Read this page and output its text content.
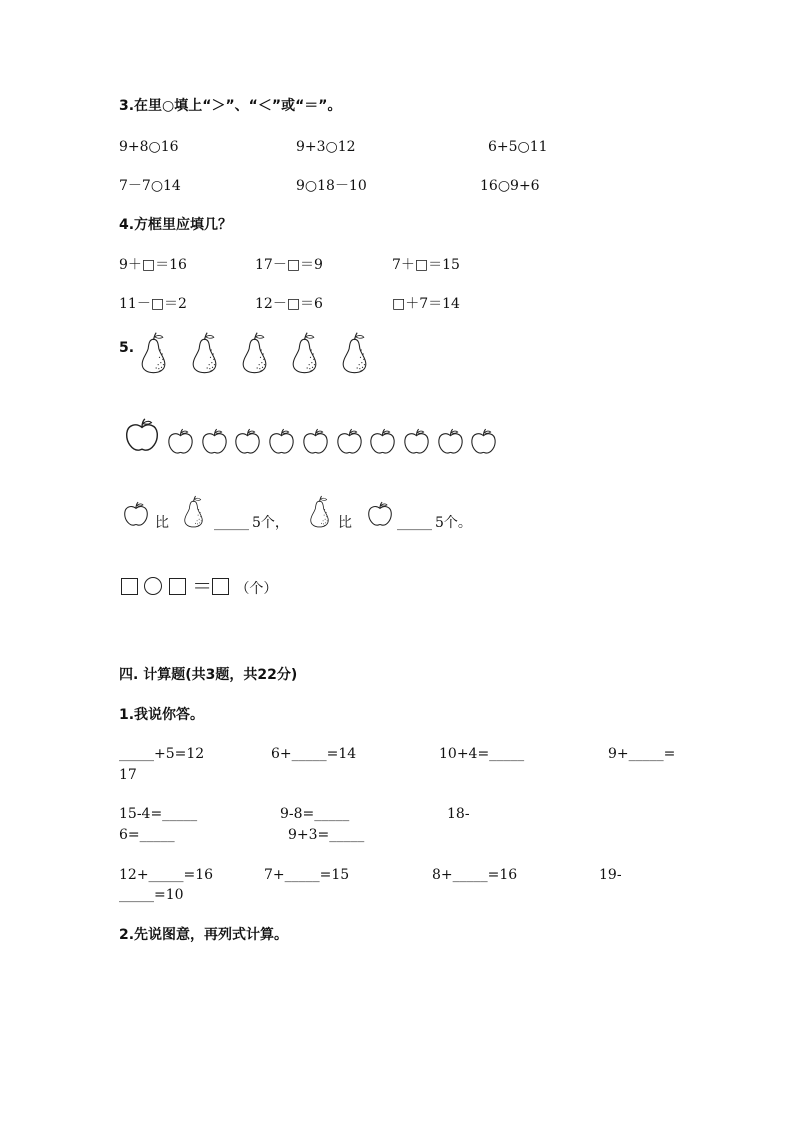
3.在里○填上“＞”、“＜”或“＝”。
9+8○16	9+3○12	6+5○11
7－7○14	9○18－10	16○9+6
4.方框里应填几？
9＋□＝16	17－□＝9	7＋□＝15
11－□＝2	12－□＝6	□＋7＝14
5.
比	_____ 5个，	比	_____ 5个。
＝ （个）
四. 计算题(共3题，共22分)
1.我说你答。
_____+5=12	6+_____=14	10+4=_____	9+_____=
17
15-4=_____	9-8=_____	18-
6=_____	9+3=_____
12+_____=16	7+_____=15	8+_____=16	19-
_____=10
2.先说图意，再列式计算。
